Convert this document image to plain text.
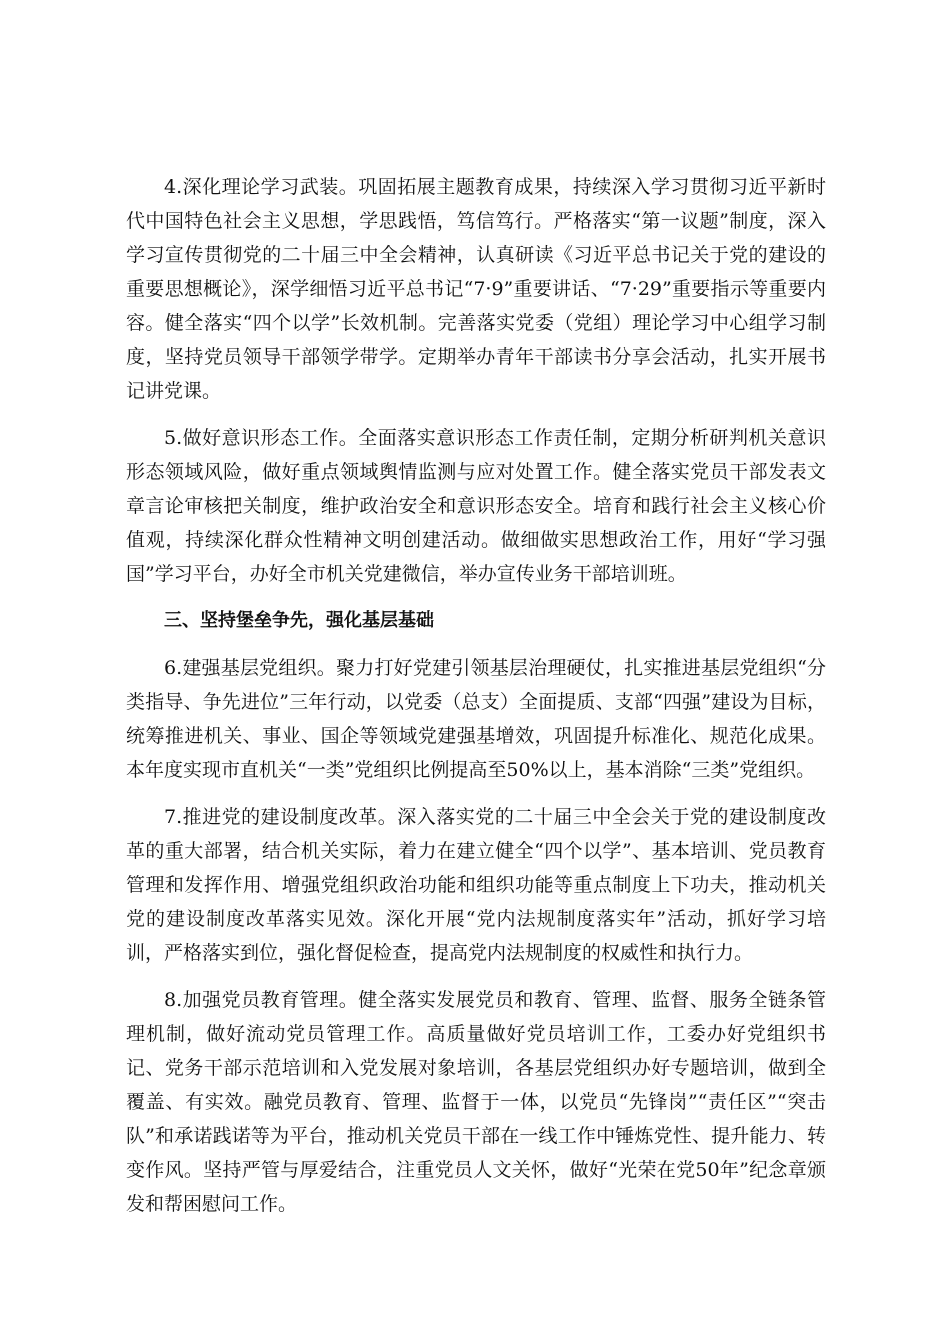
4.深化理论学习武装。巩固拓展主题教育成果，持续深入学习贯彻习近平新时代中国特色社会主义思想，学思践悟，笃信笃行。严格落实“第一议题”制度，深入学习宣传贯彻党的二十届三中全会精神，认真研读《习近平总书记关于党的建设的重要思想概论》，深学细悟习近平总书记“7·9”重要讲话、“7·29”重要指示等重要内容。健全落实“四个以学”长效机制。完善落实党委（党组）理论学习中心组学习制度，坚持党员领导干部领学带学。定期举办青年干部读书分享会活动，扎实开展书记讲党课。

5.做好意识形态工作。全面落实意识形态工作责任制，定期分析研判机关意识形态领域风险，做好重点领域舆情监测与应对处置工作。健全落实党员干部发表文章言论审核把关制度，维护政治安全和意识形态安全。培育和践行社会主义核心价值观，持续深化群众性精神文明创建活动。做细做实思想政治工作，用好“学习强国”学习平台，办好全市机关党建微信，举办宣传业务干部培训班。

三、坚持堡垒争先，强化基层基础

6.建强基层党组织。聚力打好党建引领基层治理硬仗，扎实推进基层党组织“分类指导、争先进位”三年行动，以党委（总支）全面提质、支部“四强”建设为目标，统筹推进机关、事业、国企等领域党建强基增效，巩固提升标准化、规范化成果。本年度实现市直机关“一类”党组织比例提高至50%以上，基本消除“三类”党组织。

7.推进党的建设制度改革。深入落实党的二十届三中全会关于党的建设制度改革的重大部署，结合机关实际，着力在建立健全“四个以学”、基本培训、党员教育管理和发挥作用、增强党组织政治功能和组织功能等重点制度上下功夫，推动机关党的建设制度改革落实见效。深化开展“党内法规制度落实年”活动，抓好学习培训，严格落实到位，强化督促检查，提高党内法规制度的权威性和执行力。

8.加强党员教育管理。健全落实发展党员和教育、管理、监督、服务全链条管理机制，做好流动党员管理工作。高质量做好党员培训工作，工委办好党组织书记、党务干部示范培训和入党发展对象培训，各基层党组织办好专题培训，做到全覆盖、有实效。融党员教育、管理、监督于一体，以党员“先锋岗”“责任区”“突击队”和承诺践诺等为平台，推动机关党员干部在一线工作中锤炼党性、提升能力、转变作风。坚持严管与厚爱结合，注重党员人文关怀，做好“光荣在党50年”纪念章颁发和帮困慰问工作。
